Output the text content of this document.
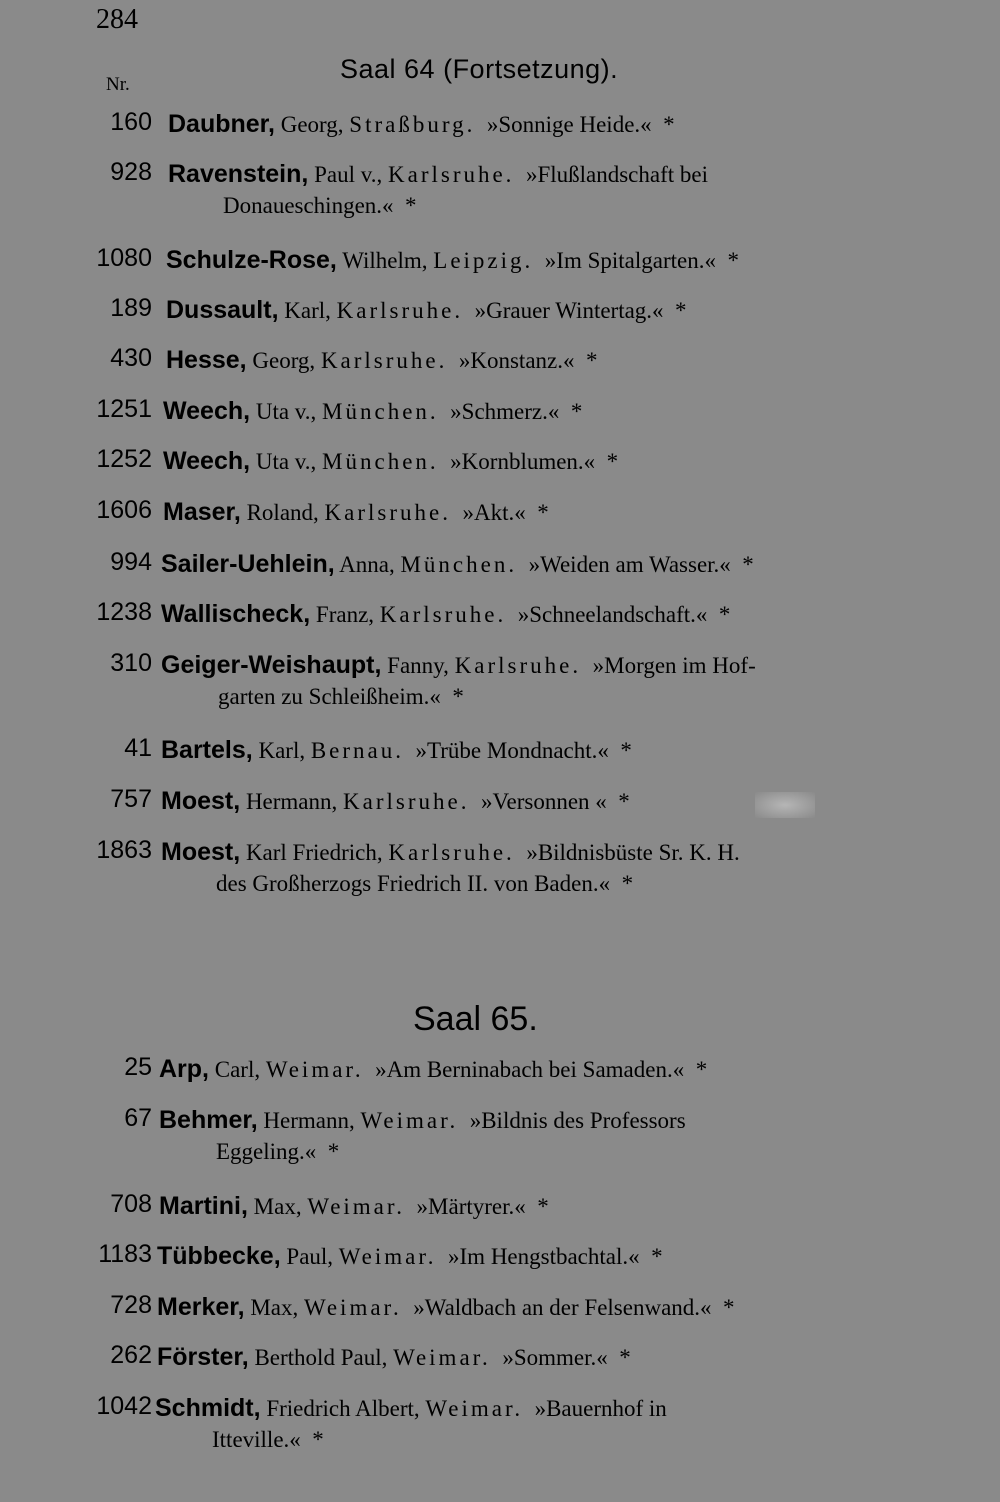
284
Nr.
Saal 64 (Fortsetzung).
Saal 65.
160 Daubner, Georg, Straßburg.  »Sonnige Heide.«  *
928 Ravenstein, Paul v., Karlsruhe.  »Flußlandschaft bei
Donaueschingen.«  *
1080 Schulze-Rose, Wilhelm, Leipzig.  »Im Spitalgarten.«  *
189 Dussault, Karl, Karlsruhe.  »Grauer Wintertag.«  *
430 Hesse, Georg, Karlsruhe.  »Konstanz.«  *
1251 Weech, Uta v., München.  »Schmerz.«  *
1252 Weech, Uta v., München.  »Kornblumen.«  *
1606 Maser, Roland, Karlsruhe.  »Akt.«  *
994 Sailer-Uehlein, Anna, München.  »Weiden am Wasser.«  *
1238 Wallischeck, Franz, Karlsruhe.  »Schneelandschaft.«  *
310 Geiger-Weishaupt, Fanny, Karlsruhe.  »Morgen im Hof-
garten zu Schleißheim.«  *
41 Bartels, Karl, Bernau.  »Trübe Mondnacht.«  *
757 Moest, Hermann, Karlsruhe.  »Versonnen «  *
1863 Moest, Karl Friedrich, Karlsruhe.  »Bildnisbüste Sr. K. H.
des Großherzogs Friedrich II. von Baden.«  *
25 Arp, Carl, Weimar.  »Am Berninabach bei Samaden.«  *
67 Behmer, Hermann, Weimar.  »Bildnis des Professors
Eggeling.«  *
708 Martini, Max, Weimar.  »Märtyrer.«  *
1183 Tübbecke, Paul, Weimar.  »Im Hengstbachtal.«  *
728 Merker, Max, Weimar.  »Waldbach an der Felsenwand.«  *
262 Förster, Berthold Paul, Weimar.  »Sommer.«  *
1042 Schmidt, Friedrich Albert, Weimar.  »Bauernhof in
Itteville.«  *
